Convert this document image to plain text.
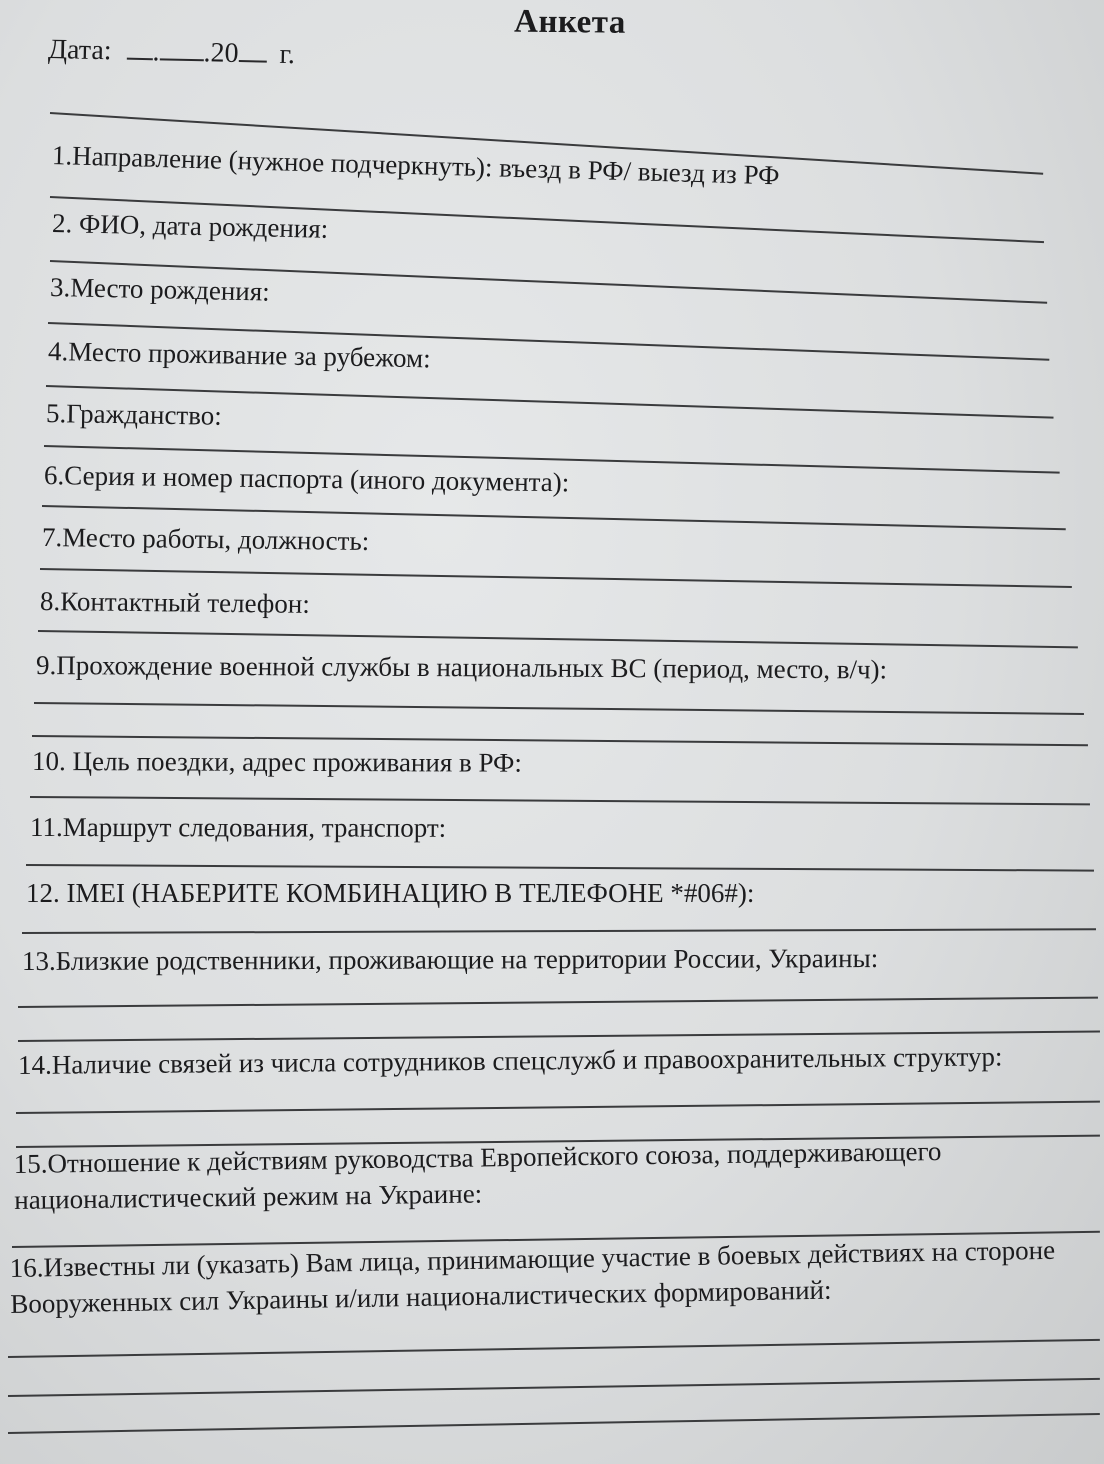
Анкета
Дата: . .20 г.
1.Направление (нужное подчеркнуть): въезд в РФ/ выезд из РФ
2. ФИО, дата рождения:
3.Место рождения:
4.Место проживание за рубежом:
5.Гражданство:
6.Серия и номер паспорта (иного документа):
7.Место работы, должность:
8.Контактный телефон:
9.Прохождение военной службы в национальных ВС (период, место, в/ч):
10. Цель поездки, адрес проживания в РФ:
11.Маршрут следования, транспорт:
12. IMEI (НАБЕРИТЕ КОМБИНАЦИЮ В ТЕЛЕФОНЕ *#06#):
13.Близкие родственники, проживающие на территории России, Украины:
14.Наличие связей из числа сотрудников спецслужб и правоохранительных структур:
15.Отношение к действиям руководства Европейского союза, поддерживающего националистический режим на Украине:
16.Известны ли (указать) Вам лица, принимающие участие в боевых действиях на стороне Вооруженных сил Украины и/или националистических формирований:
